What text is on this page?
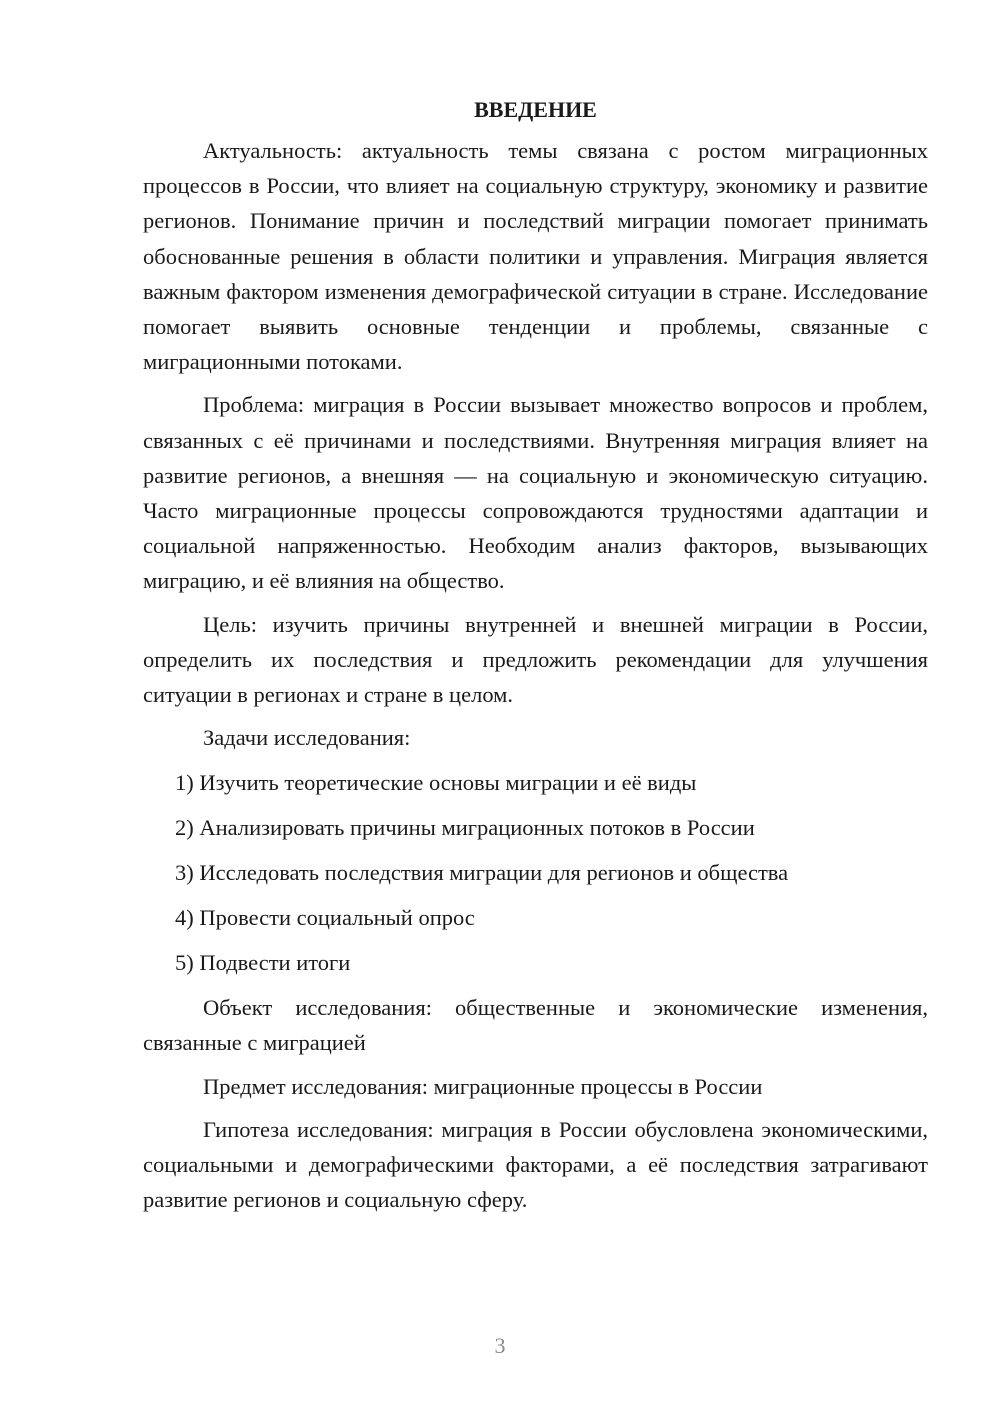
ВВЕДЕНИЕ

Актуальность: актуальность темы связана с ростом миграционных процессов в России, что влияет на социальную структуру, экономику и развитие регионов. Понимание причин и последствий миграции помогает принимать обоснованные решения в области политики и управления. Миграция является важным фактором изменения демографической ситуации в стране. Исследование помогает выявить основные тенденции и проблемы, связанные с миграционными потоками.

Проблема: миграция в России вызывает множество вопросов и проблем, связанных с её причинами и последствиями. Внутренняя миграция влияет на развитие регионов, а внешняя — на социальную и экономическую ситуацию. Часто миграционные процессы сопровождаются трудностями адаптации и социальной напряженностью. Необходим анализ факторов, вызывающих миграцию, и её влияния на общество.

Цель: изучить причины внутренней и внешней миграции в России, определить их последствия и предложить рекомендации для улучшения ситуации в регионах и стране в целом.

Задачи исследования:
1) Изучить теоретические основы миграции и её виды
2) Анализировать причины миграционных потоков в России
3) Исследовать последствия миграции для регионов и общества
4) Провести социальный опрос
5) Подвести итоги

Объект исследования: общественные и экономические изменения, связанные с миграцией

Предмет исследования: миграционные процессы в России

Гипотеза исследования: миграция в России обусловлена экономическими, социальными и демографическими факторами, а её последствия затрагивают развитие регионов и социальную сферу.

3
